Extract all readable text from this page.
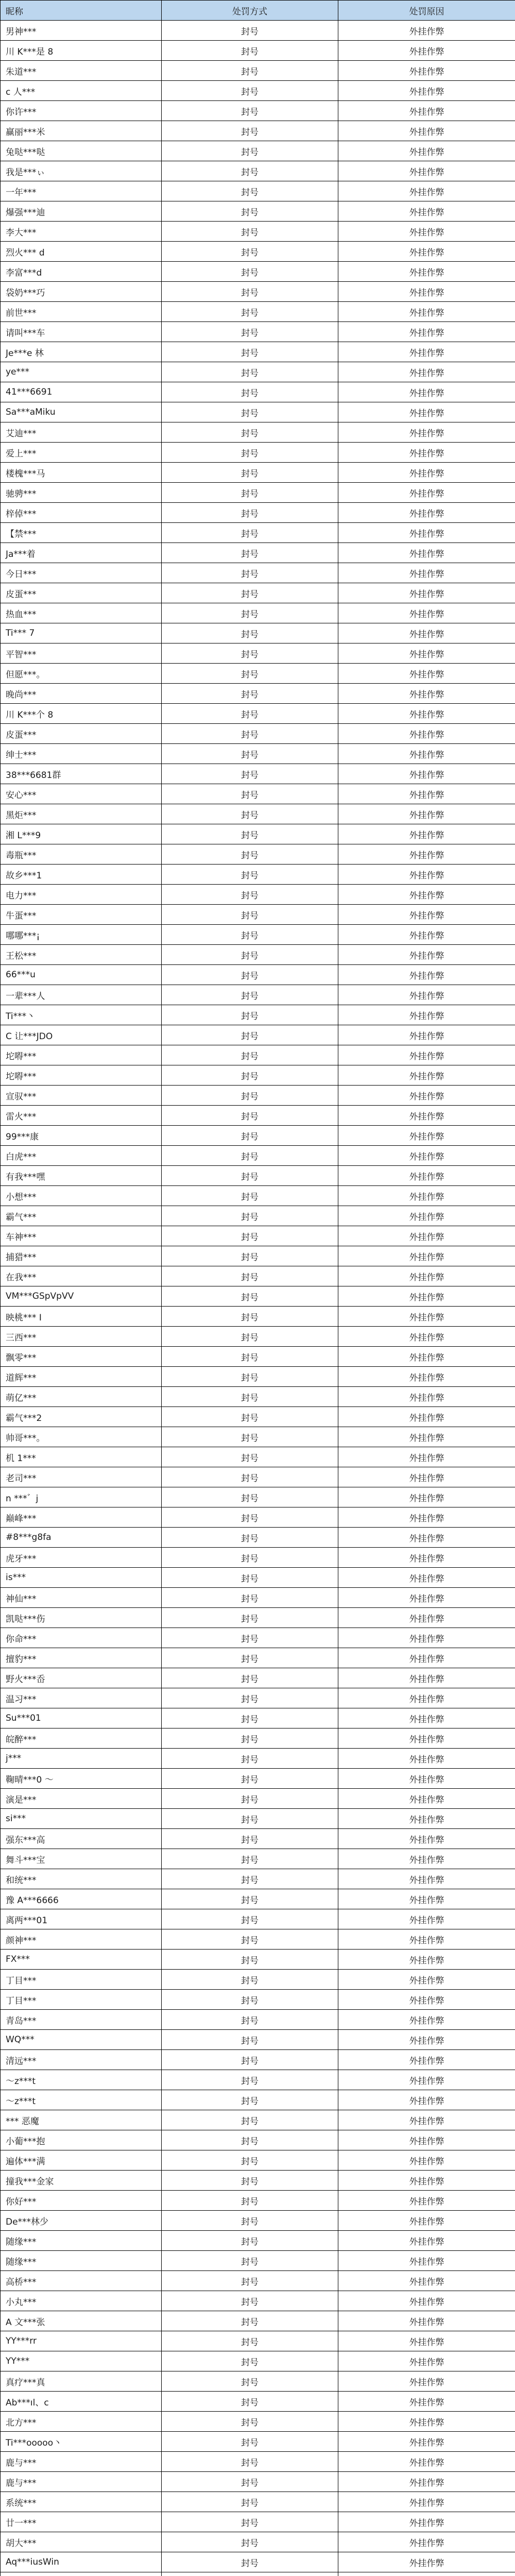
昵称	处罚方式	处罚原因
男神***	封号	外挂作弊
川 K***是 8	封号	外挂作弊
朱道***	封号	外挂作弊
c 人***	封号	外挂作弊
你许***	封号	外挂作弊
赢丽***米	封号	外挂作弊
兔哒***哒	封号	外挂作弊
我是***ぃ	封号	外挂作弊
一年***	封号	外挂作弊
爆强***迪	封号	外挂作弊
李大***	封号	外挂作弊
烈火*** d	封号	外挂作弊
李富***d	封号	外挂作弊
袋奶***巧	封号	外挂作弊
前世***	封号	外挂作弊
请叫***车	封号	外挂作弊
Je***e 林	封号	外挂作弊
ye***	封号	外挂作弊
41***6691	封号	外挂作弊
Sa***aMiku	封号	外挂作弊
艾迪***	封号	外挂作弊
爱上***	封号	外挂作弊
楼槐***马	封号	外挂作弊
驰骋***	封号	外挂作弊
梓倬***	封号	外挂作弊
【禁***	封号	外挂作弊
Ja***着	封号	外挂作弊
今日***	封号	外挂作弊
皮蛋***	封号	外挂作弊
热血***	封号	外挂作弊
Ti*** 7	封号	外挂作弊
平智***	封号	外挂作弊
但愿***。	封号	外挂作弊
晚尚***	封号	外挂作弊
川 K***个 8	封号	外挂作弊
皮蛋***	封号	外挂作弊
绅士***	封号	外挂作弊
38***6681群	封号	外挂作弊
安心***	封号	外挂作弊
黑炬***	封号	外挂作弊
湘 L***9	封号	外挂作弊
毒瓶***	封号	外挂作弊
故乡***1	封号	外挂作弊
电力***	封号	外挂作弊
牛蛋***	封号	外挂作弊
哪哪***¡	封号	外挂作弊
王松***	封号	外挂作弊
66***u	封号	外挂作弊
一辈***人	封号	外挂作弊
Ti***丶	封号	外挂作弊
C 让***JDO	封号	外挂作弊
坨嘚***	封号	外挂作弊
坨嘚***	封号	外挂作弊
宣驭***	封号	外挂作弊
雷火***	封号	外挂作弊
99***康	封号	外挂作弊
白虎***	封号	外挂作弊
有我***嘿	封号	外挂作弊
小想***	封号	外挂作弊
霸气***	封号	外挂作弊
车神***	封号	外挂作弊
捕猎***	封号	外挂作弊
在我***	封号	外挂作弊
VM***GSpVpVV	封号	外挂作弊
映桃*** I	封号	外挂作弊
三西***	封号	外挂作弊
飘零***	封号	外挂作弊
道辉***	封号	外挂作弊
萌亿***	封号	外挂作弊
霸气***2	封号	外挂作弊
帅哥***。	封号	外挂作弊
机 1***	封号	外挂作弊
老司***	封号	外挂作弊
n ***゛j	封号	外挂作弊
巅峰***	封号	外挂作弊
#8***g8fa	封号	外挂作弊
虎牙***	封号	外挂作弊
is***	封号	外挂作弊
神仙***	封号	外挂作弊
凯哒***伤	封号	外挂作弊
你命***	封号	外挂作弊
擅豹***	封号	外挂作弊
野火***岙	封号	外挂作弊
温习***	封号	外挂作弊
Su***01	封号	外挂作弊
皖醉***	封号	外挂作弊
j***	封号	外挂作弊
鞠晴***0 ～	封号	外挂作弊
演是***	封号	外挂作弊
si***	封号	外挂作弊
强东***高	封号	外挂作弊
舞斗***宝	封号	外挂作弊
和统***	封号	外挂作弊
豫 A***6666	封号	外挂作弊
离两***01	封号	外挂作弊
颜神***	封号	外挂作弊
FX***	封号	外挂作弊
丁目***	封号	外挂作弊
丁目***	封号	外挂作弊
青岛***	封号	外挂作弊
WQ***	封号	外挂作弊
清远***	封号	外挂作弊
～z***t	封号	外挂作弊
～z***t	封号	外挂作弊
*** 恶魔	封号	外挂作弊
小葡***抱	封号	外挂作弊
遍体***满	封号	外挂作弊
撞我***金家	封号	外挂作弊
你好***	封号	外挂作弊
De***林少	封号	外挂作弊
随缘***	封号	外挂作弊
随缘***	封号	外挂作弊
高桥***	封号	外挂作弊
小丸***	封号	外挂作弊
A 文***张	封号	外挂作弊
YY***rr	封号	外挂作弊
YY***	封号	外挂作弊
真疗***真	封号	外挂作弊
Ab***ıl、c	封号	外挂作弊
北方***	封号	外挂作弊
Ti***ooooo丶	封号	外挂作弊
鹿与***	封号	外挂作弊
鹿与***	封号	外挂作弊
系统***	封号	外挂作弊
廿一***	封号	外挂作弊
胡大***	封号	外挂作弊
Aq***iusWin	封号	外挂作弊
